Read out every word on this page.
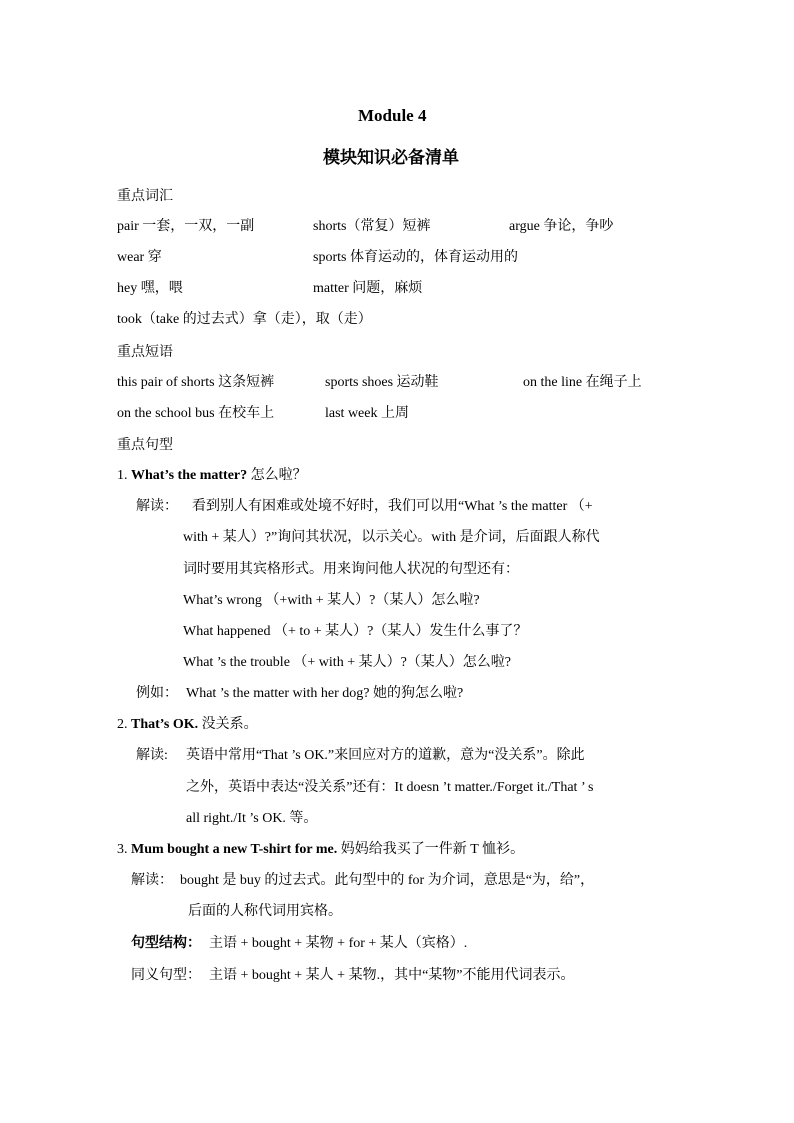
Module 4
模块知识必备清单
重点词汇
pair 一套，一双，一副	shorts（常复）短裤	argue 争论，争吵
wear 穿	sports 体育运动的，体育运动用的
hey 嘿，喂	matter 问题，麻烦
took（take 的过去式）拿（走），取（走）
重点短语
this pair of shorts 这条短裤	sports shoes 运动鞋	on the line 在绳子上
on the school bus 在校车上	last week 上周
重点句型
1. What’s the matter? 怎么啦？
解读： 看到别人有困难或处境不好时，我们可以用“What ’s the matter （+
with + 某人）?”询问其状况，以示关心。with 是介词，后面跟人称代
词时要用其宾格形式。用来询问他人状况的句型还有：
What’s wrong （+with + 某人）?（某人）怎么啦?
What happened （+ to + 某人）?（某人）发生什么事了？
What ’s the trouble （+ with + 某人）?（某人）怎么啦?
例如： What ’s the matter with her dog? 她的狗怎么啦?
2. That’s OK. 没关系。
解读: 英语中常用“That ’s OK.”来回应对方的道歉，意为“没关系”。除此
之外，英语中表达“没关系”还有：It doesn ’t matter./Forget it./That ’ s
all right./It ’s OK. 等。
3. Mum bought a new T-shirt for me. 妈妈给我买了一件新 T 恤衫。
解读： bought 是 buy 的过去式。此句型中的 for 为介词，意思是“为，给”，
后面的人称代词用宾格。
句型结构： 主语 + bought + 某物 + for + 某人（宾格）.
同义句型： 主语 + bought + 某人 + 某物.，其中“某物”不能用代词表示。
